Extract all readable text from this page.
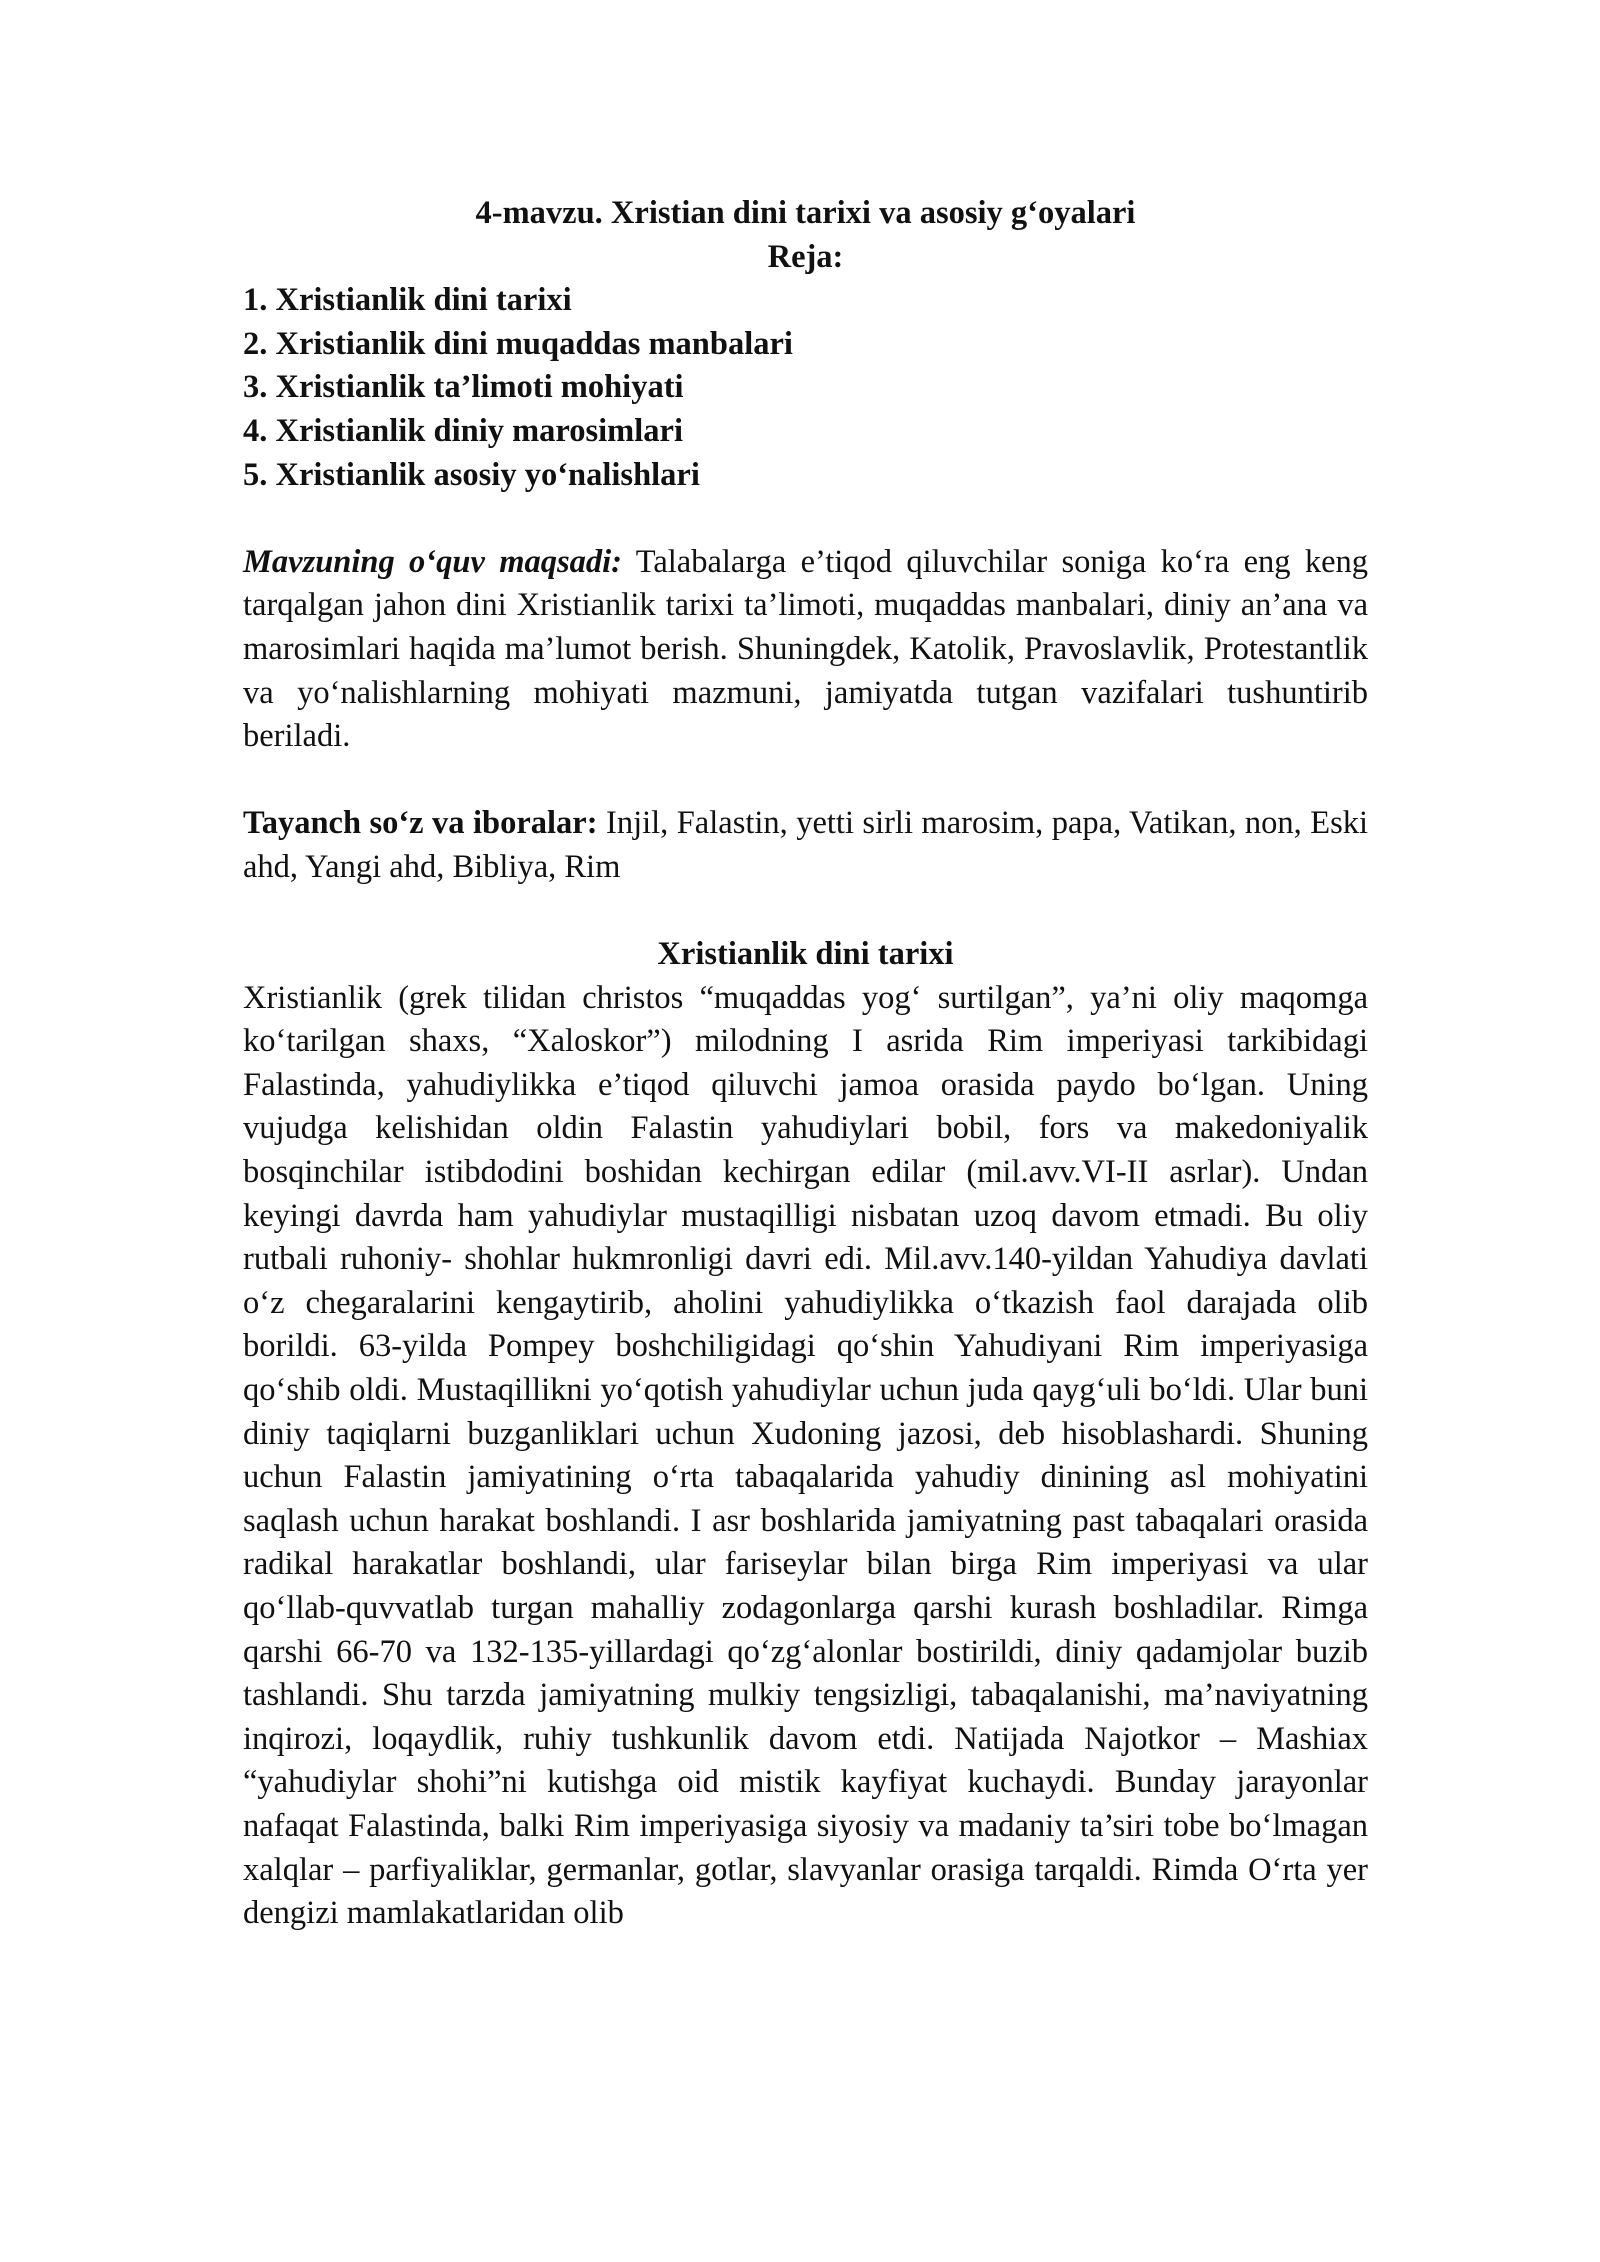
4-mavzu. Xristian dini tarixi va asosiy g‘oyalari

Reja:

1. Xristianlik dini tarixi
2. Xristianlik dini muqaddas manbalari
3. Xristianlik ta’limoti mohiyati
4. Xristianlik diniy marosimlari
5. Xristianlik asosiy yo‘nalishlari

Mavzuning o‘quv maqsadi: Talabalarga e’tiqod qiluvchilar soniga ko‘ra eng keng tarqalgan jahon dini Xristianlik tarixi ta’limoti, muqaddas manbalari, diniy an’ana va marosimlari haqida ma’lumot berish. Shuningdek, Katolik, Pravoslavlik, Protestantlik va yo‘nalishlarning mohiyati mazmuni, jamiyatda tutgan vazifalari tushuntirib beriladi.

Tayanch so‘z va iboralar: Injil, Falastin, yetti sirli marosim, papa, Vatikan, non, Eski ahd, Yangi ahd, Bibliya, Rim

Xristianlik dini tarixi

Xristianlik (grek tilidan christos “muqaddas yog‘ surtilgan”, ya’ni oliy maqomga ko‘tarilgan shaxs, “Xaloskor”) milodning I asrida Rim imperiyasi tarkibidagi Falastinda, yahudiylikka e’tiqod qiluvchi jamoa orasida paydo bo‘lgan. Uning vujudga kelishidan oldin Falastin yahudiylari bobil, fors va makedoniyalik bosqinchilar istibdodini boshidan kechirgan edilar (mil.avv.VI-II asrlar). Undan keyingi davrda ham yahudiylar mustaqilligi nisbatan uzoq davom etmadi. Bu oliy rutbali ruhoniy- shohlar hukmronligi davri edi. Mil.avv.140-yildan Yahudiya davlati o‘z chegaralarini kengaytirib, aholini yahudiylikka o‘tkazish faol darajada olib borildi. 63-yilda Pompey boshchiligidagi qo‘shin Yahudiyani Rim imperiyasiga qo‘shib oldi. Mustaqillikni yo‘qotish yahudiylar uchun juda qayg‘uli bo‘ldi. Ular buni diniy taqiqlarni buzganliklari uchun Xudoning jazosi, deb hisoblashardi. Shuning uchun Falastin jamiyatining o‘rta tabaqalarida yahudiy dinining asl mohiyatini saqlash uchun harakat boshlandi. I asr boshlarida jamiyatning past tabaqalari orasida radikal harakatlar boshlandi, ular fariseylar bilan birga Rim imperiyasi va ular qo‘llab-quvvatlab turgan mahalliy zodagonlarga qarshi kurash boshladilar. Rimga qarshi 66-70 va 132-135-yillardagi qo‘zg‘alonlar bostirildi, diniy qadamjolar buzib tashlandi. Shu tarzda jamiyatning mulkiy tengsizligi, tabaqalanishi, ma’naviyatning inqirozi, loqaydlik, ruhiy tushkunlik davom etdi. Natijada Najotkor – Mashiax “yahudiylar shohi”ni kutishga oid mistik kayfiyat kuchaydi. Bunday jarayonlar nafaqat Falastinda, balki Rim imperiyasiga siyosiy va madaniy ta’siri tobe bo‘lmagan xalqlar – parfiyaliklar, germanlar, gotlar, slavyanlar orasiga tarqaldi. Rimda O‘rta yer dengizi mamlakatlaridan olib
